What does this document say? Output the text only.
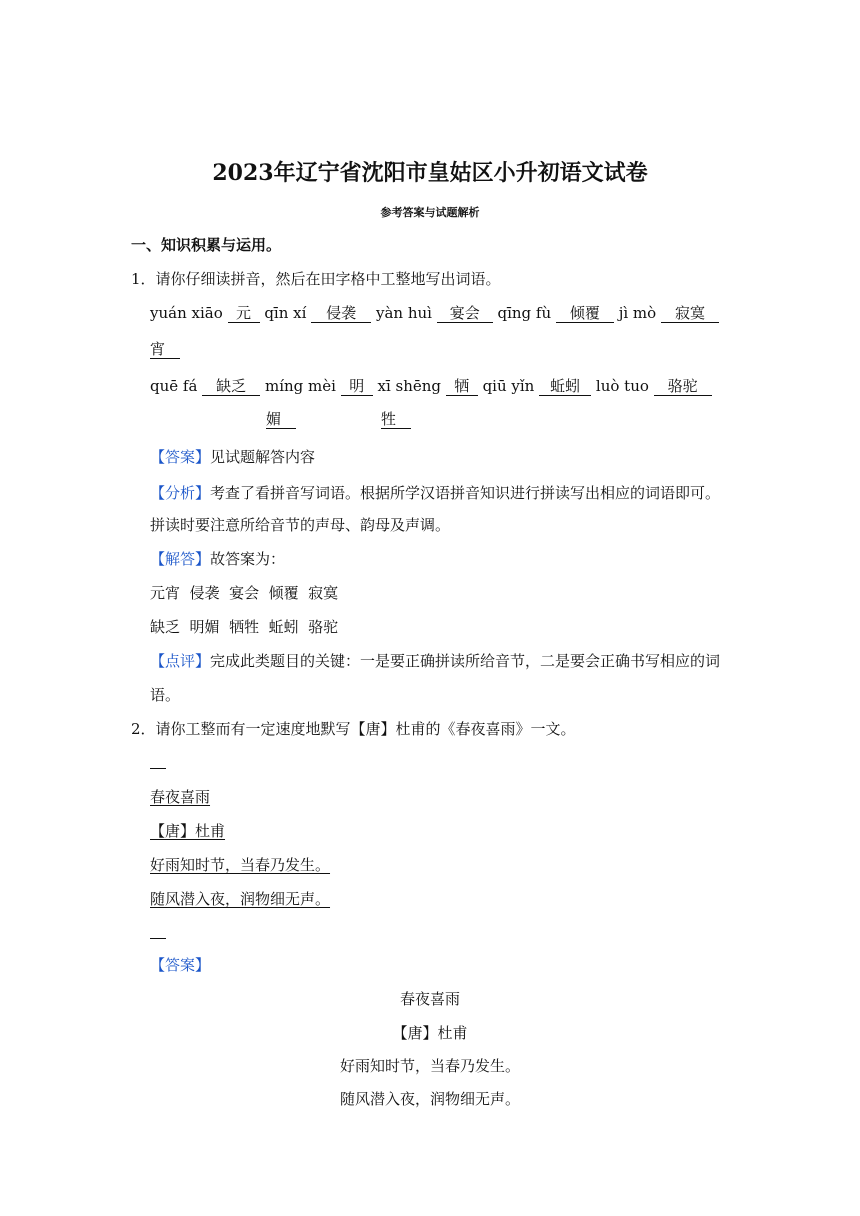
2023年辽宁省沈阳市皇姑区小升初语文试卷
参考答案与试题解析
一、知识积累与运用。
1．请你仔细读拼音，然后在田字格中工整地写出词语。
yuán xiāo 元 qīn xí 侵袭 yàn huì 宴会 qīng fù 倾覆 jì mò 寂寞
宵
quē fá 缺乏 míng mèi 明 xī shēng 牺 qiū yǐn 蚯蚓 luò tuo 骆驼
媚	牲
【答案】见试题解答内容
【分析】考查了看拼音写词语。根据所学汉语拼音知识进行拼读写出相应的词语即可。
拼读时要注意所给音节的声母、韵母及声调。
【解答】故答案为：
元宵  侵袭  宴会  倾覆  寂寞
缺乏  明媚  牺牲  蚯蚓  骆驼
【点评】完成此类题目的关键：一是要正确拼读所给音节，二是要会正确书写相应的词
语。
2．请你工整而有一定速度地默写【唐】杜甫的《春夜喜雨》一文。
春夜喜雨
【唐】杜甫
好雨知时节，当春乃发生。
随风潜入夜，润物细无声。
【答案】
春夜喜雨
【唐】杜甫
好雨知时节，当春乃发生。
随风潜入夜，润物细无声。
